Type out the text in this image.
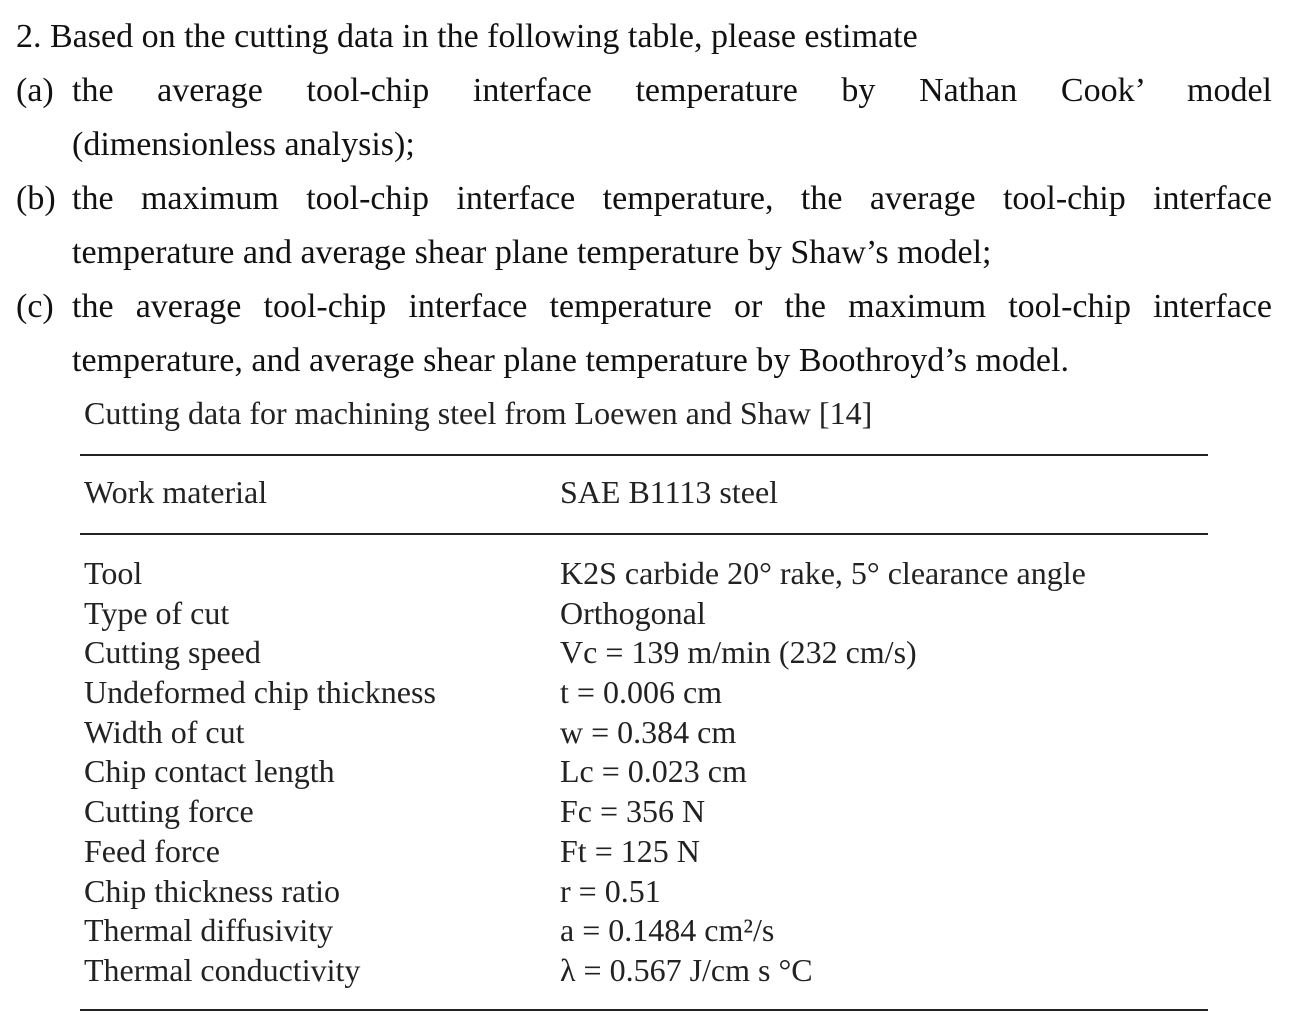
2. Based on the cutting data in the following table, please estimate
(a) the average tool-chip interface temperature by Nathan Cook’ model
(dimensionless analysis);
(b) the maximum tool-chip interface temperature, the average tool-chip interface
temperature and average shear plane temperature by Shaw’s model;
(c) the average tool-chip interface temperature or the maximum tool-chip interface
temperature, and average shear plane temperature by Boothroyd’s model.
Cutting data for machining steel from Loewen and Shaw [14]
Work material	SAE B1113 steel
Tool	K2S carbide 20° rake, 5° clearance angle
Type of cut	Orthogonal
Cutting speed	Vc = 139 m/min (232 cm/s)
Undeformed chip thickness	t = 0.006 cm
Width of cut	w = 0.384 cm
Chip contact length	Lc = 0.023 cm
Cutting force	Fc = 356 N
Feed force	Ft = 125 N
Chip thickness ratio	r = 0.51
Thermal diffusivity	a = 0.1484 cm²/s
Thermal conductivity	λ = 0.567 J/cm s °C
